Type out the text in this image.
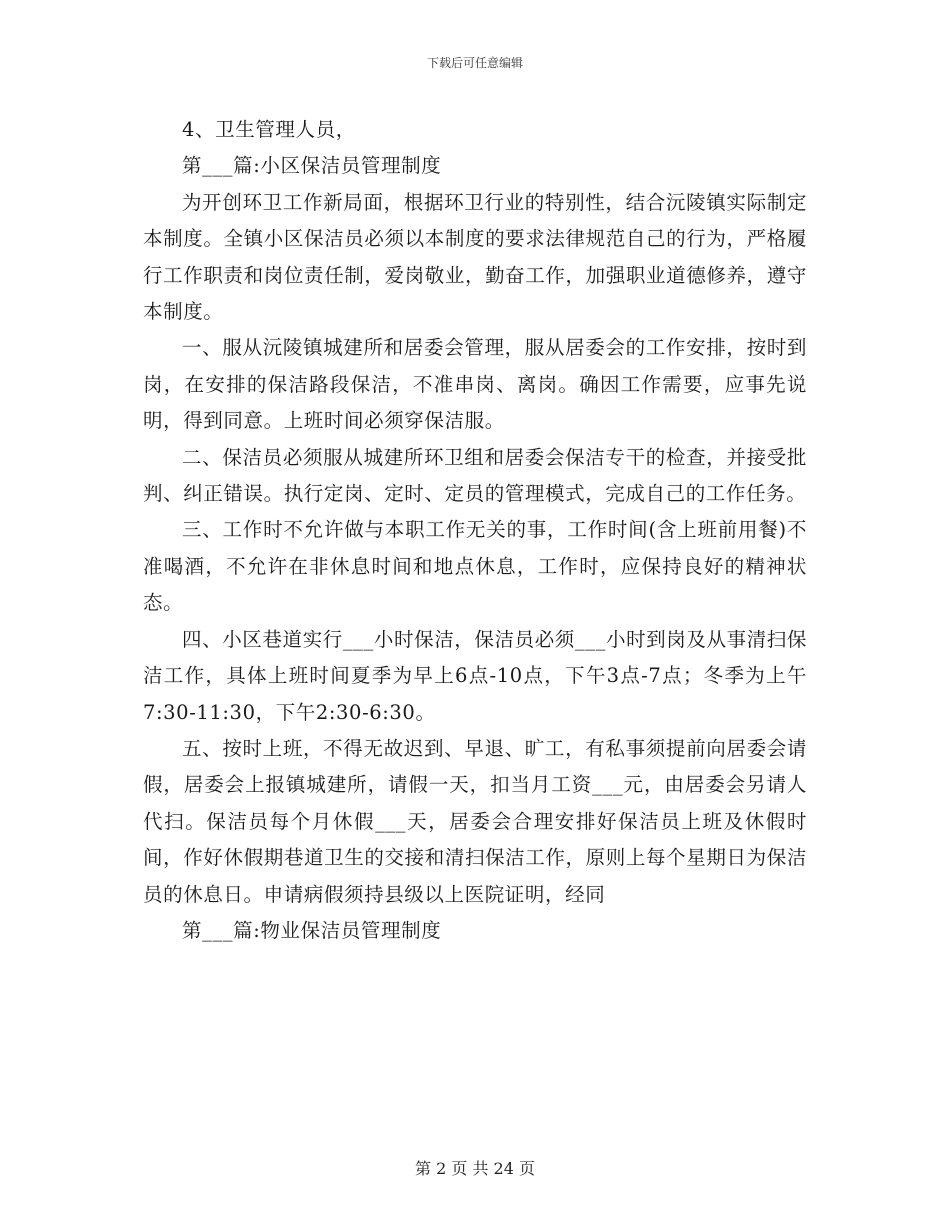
下载后可任意编辑

4、卫生管理人员，

第___篇:小区保洁员管理制度

为开创环卫工作新局面，根据环卫行业的特别性，结合沅陵镇实际制定本制度。全镇小区保洁员必须以本制度的要求法律规范自己的行为，严格履行工作职责和岗位责任制，爱岗敬业，勤奋工作，加强职业道德修养，遵守本制度。

一、服从沅陵镇城建所和居委会管理，服从居委会的工作安排，按时到岗，在安排的保洁路段保洁，不准串岗、离岗。确因工作需要，应事先说明，得到同意。上班时间必须穿保洁服。

二、保洁员必须服从城建所环卫组和居委会保洁专干的检查，并接受批判、纠正错误。执行定岗、定时、定员的管理模式，完成自己的工作任务。

三、工作时不允许做与本职工作无关的事，工作时间(含上班前用餐)不准喝酒，不允许在非休息时间和地点休息，工作时，应保持良好的精神状态。

四、小区巷道实行___小时保洁，保洁员必须___小时到岗及从事清扫保洁工作，具体上班时间夏季为早上6点-10点，下午3点-7点；冬季为上午7:30-11:30，下午2:30-6:30。

五、按时上班，不得无故迟到、早退、旷工，有私事须提前向居委会请假，居委会上报镇城建所，请假一天，扣当月工资___元，由居委会另请人代扫。保洁员每个月休假___天，居委会合理安排好保洁员上班及休假时间，作好休假期巷道卫生的交接和清扫保洁工作，原则上每个星期日为保洁员的休息日。申请病假须持县级以上医院证明，经同

第___篇:物业保洁员管理制度

第 2 页 共 24 页
